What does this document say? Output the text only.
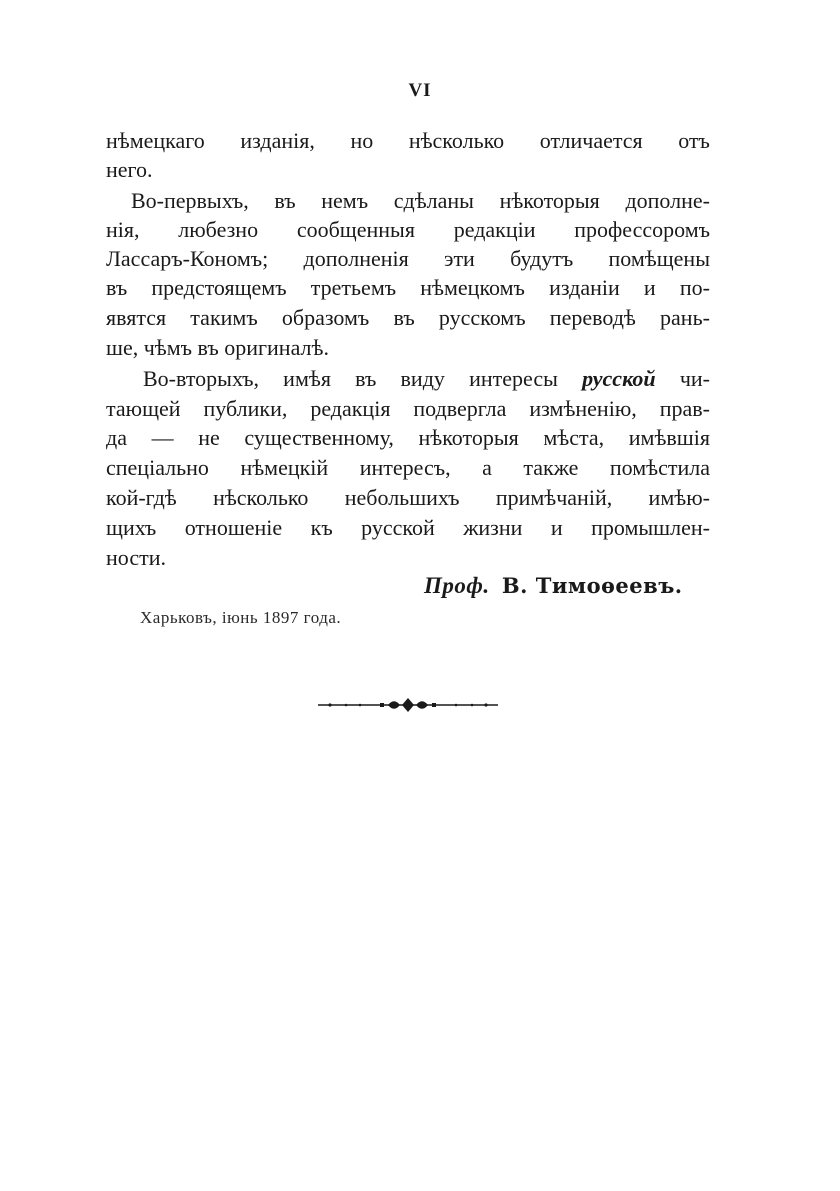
VI
нѣмецкаго изданія, но нѣсколько отличается отъ
него.
Во-первыхъ, въ немъ сдѣланы нѣкоторыя дополне-
нія, любезно сообщенныя редакціи профессоромъ
Лассаръ-Кономъ; дополненія эти будутъ помѣщены
въ предстоящемъ третьемъ нѣмецкомъ изданіи и по-
явятся такимъ образомъ въ русскомъ переводѣ рань-
ше, чѣмъ въ оригиналѣ.
Во-вторыхъ, имѣя въ виду интересы русской чи-
тающей публики, редакція подвергла измѣненію, прав-
да — не существенному, нѣкоторыя мѣста, имѣвшія
спеціально нѣмецкій интересъ, а также помѣстила
кой-гдѣ нѣсколько небольшихъ примѣчаній, имѣю-
щихъ отношеніе къ русской жизни и промышлен-
ности.
Проф. В. Тимоѳеевъ.
Харьковъ, іюнь 1897 года.
